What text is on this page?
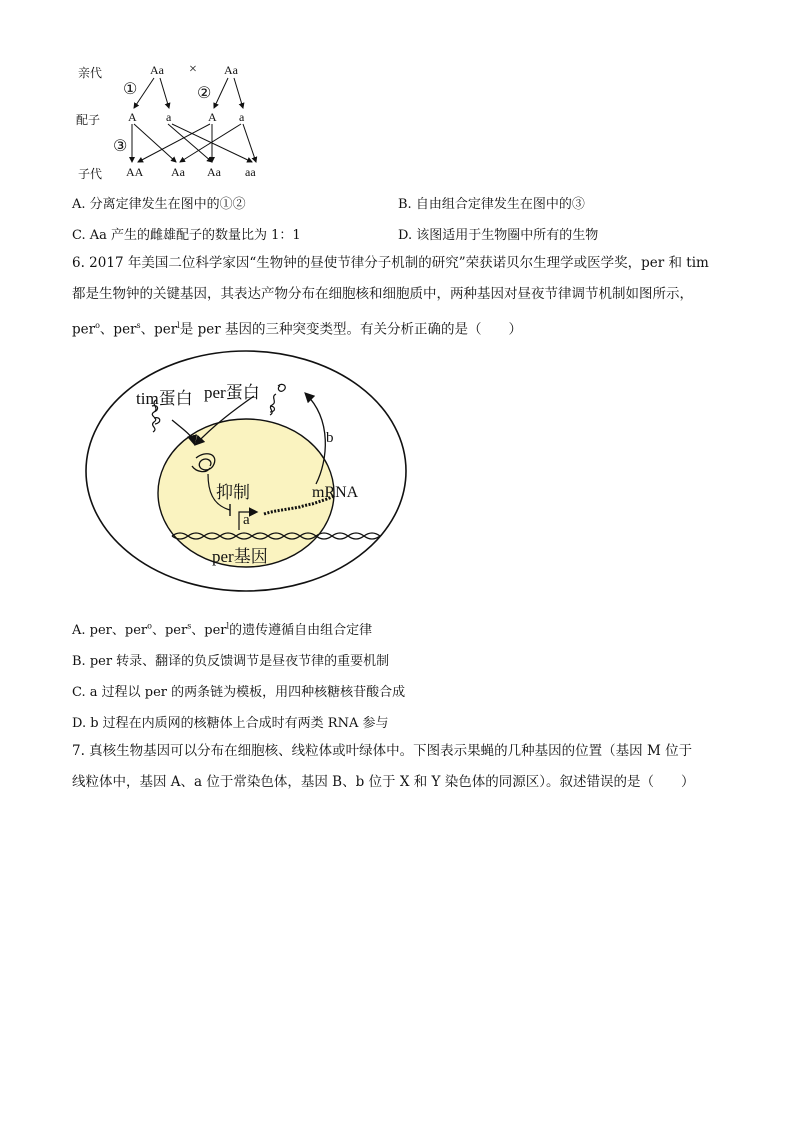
亲代
配子
子代
Aa × Aa
①	②
③
A a	A a
AA Aa Aa aa
A. 分离定律发生在图中的①②	B. 自由组合定律发生在图中的③
C. Aa 产生的雌雄配子的数量比为 1：1	D. 该图适用于生物圈中所有的生物
6. 2017 年美国二位科学家因“生物钟的昼使节律分子机制的研究”荣获诺贝尔生理学或医学奖，per 和 tim
都是生物钟的关键基因，其表达产物分布在细胞核和细胞质中，两种基因对昼夜节律调节机制如图所示，
per$^o$、per$^s$、per$^l$是 per 基因的三种突变类型。有关分析正确的是（　　）
tim蛋白 per蛋白
抑制	mRNA
a
b
per基因
A. per、per$^o$、per$^s$、per$^l$的遗传遵循自由组合定律
B. per 转录、翻译的负反馈调节是昼夜节律的重要机制
C. a 过程以 per 的两条链为模板，用四种核糖核苷酸合成
D. b 过程在内质网的核糖体上合成时有两类 RNA 参与
7. 真核生物基因可以分布在细胞核、线粒体或叶绿体中。下图表示果蝇的几种基因的位置（基因 M 位于
线粒体中，基因 A、a 位于常染色体，基因 B、b 位于 X 和 Y 染色体的同源区）。叙述错误的是（　　）
